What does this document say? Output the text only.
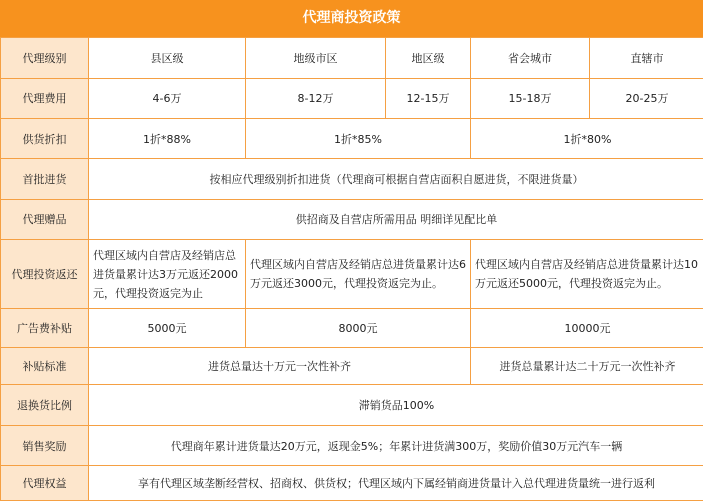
代理商投资政策
代理级别	县区级	地级市区	地区级	省会城市	直辖市
代理费用	4-6万	8-12万	12-15万	15-18万	20-25万
供货折扣	1折*88%	1折*85%		1折*80%	
首批进货	按相应代理级别折扣进货（代理商可根据自营店面积自愿进货，不限进货量）				
代理赠品	供招商及自营店所需用品 明细详见配比单				
代理投资返还	代理区域内自营店及经销店总进货量累计达3万元返还2000元，代理投资返完为止	代理区域内自营店及经销店总进货量累计达6万元返还3000元，代理投资返完为止。		代理区域内自营店及经销店总进货量累计达10万元返还5000元，代理投资返完为止。	
广告费补贴	5000元	8000元		10000元	
补贴标准	进货总量达十万元一次性补齐			进货总量累计达二十万元一次性补齐	
退换货比例	滞销货品100%				
销售奖励	代理商年累计进货量达20万元，返现金5%；年累计进货满300万，奖励价值30万元汽车一辆				
代理权益	享有代理区域垄断经营权、招商权、供货权；代理区域内下属经销商进货量计入总代理进货量统一进行返利				
